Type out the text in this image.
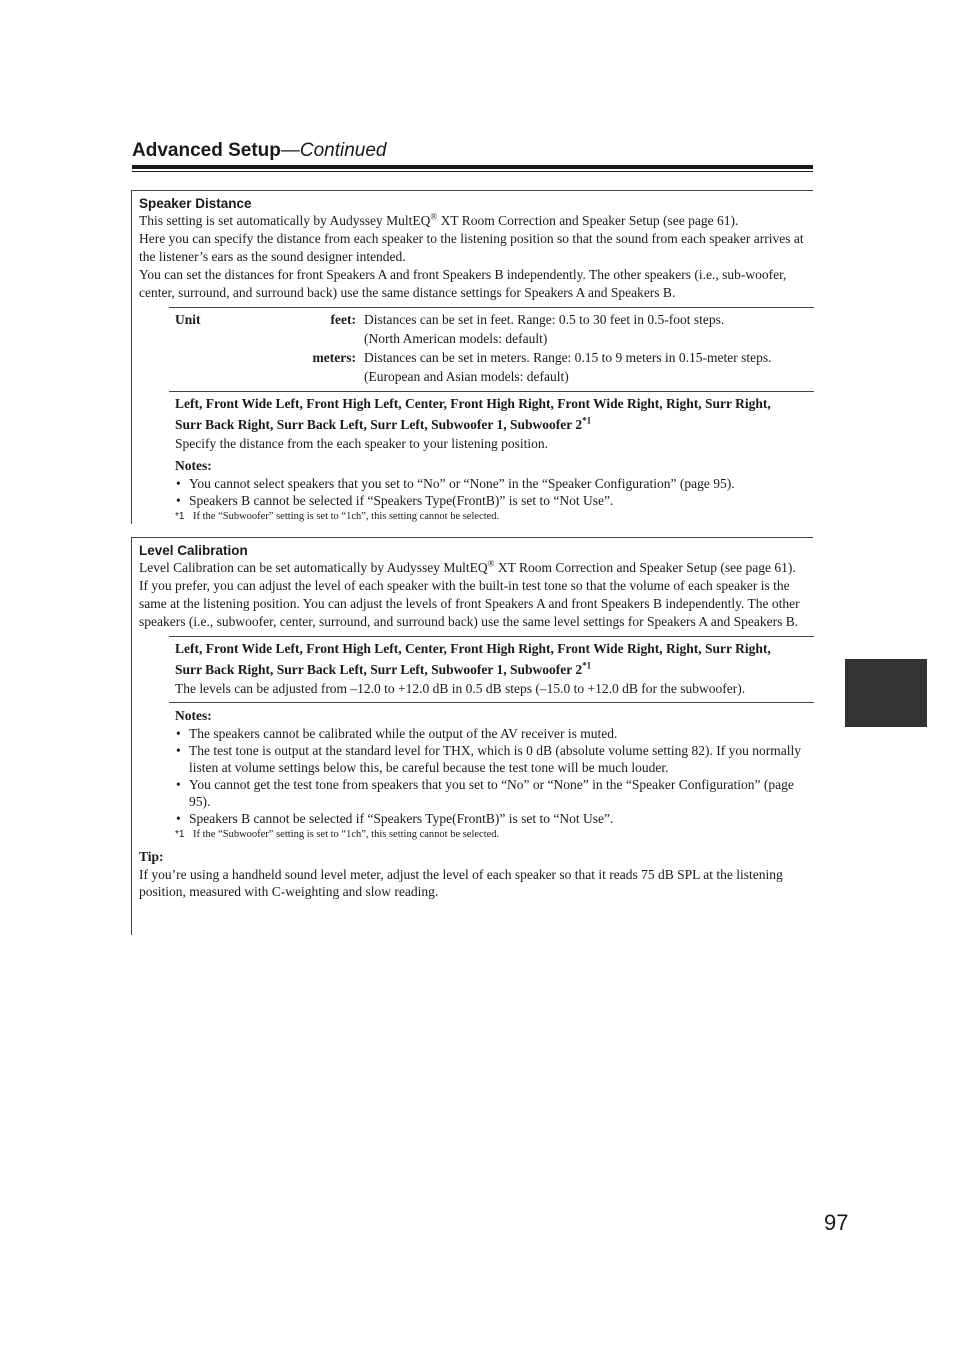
Advanced Setup—Continued
Speaker Distance
This setting is set automatically by Audyssey MultEQ® XT Room Correction and Speaker Setup (see page 61).
Here you can specify the distance from each speaker to the listening position so that the sound from each speaker arrives at the listener’s ears as the sound designer intended.
You can set the distances for front Speakers A and front Speakers B independently. The other speakers (i.e., sub-woofer, center, surround, and surround back) use the same distance settings for Speakers A and Speakers B.
Unit	feet: Distances can be set in feet. Range: 0.5 to 30 feet in 0.5-foot steps.
(North American models: default)
meters: Distances can be set in meters. Range: 0.15 to 9 meters in 0.15-meter steps.
(European and Asian models: default)
Left, Front Wide Left, Front High Left, Center, Front High Right, Front Wide Right, Right, Surr Right,
Surr Back Right, Surr Back Left, Surr Left, Subwoofer 1, Subwoofer 2$^{*1}$
Specify the distance from the each speaker to your listening position.
Notes:
• You cannot select speakers that you set to “No” or “None” in the “Speaker Configuration” (page 95).
• Speakers B cannot be selected if “Speakers Type(FrontB)” is set to “Not Use”.
*1 If the “Subwoofer” setting is set to “1ch”, this setting cannot be selected.
Level Calibration
Level Calibration can be set automatically by Audyssey MultEQ® XT Room Correction and Speaker Setup (see page 61).
If you prefer, you can adjust the level of each speaker with the built-in test tone so that the volume of each speaker is the same at the listening position. You can adjust the levels of front Speakers A and front Speakers B independently. The other speakers (i.e., subwoofer, center, surround, and surround back) use the same level settings for Speakers A and Speakers B.
Left, Front Wide Left, Front High Left, Center, Front High Right, Front Wide Right, Right, Surr Right,
Surr Back Right, Surr Back Left, Surr Left, Subwoofer 1, Subwoofer 2$^{*1}$
The levels can be adjusted from –12.0 to +12.0 dB in 0.5 dB steps (–15.0 to +12.0 dB for the subwoofer).
Notes:
• The speakers cannot be calibrated while the output of the AV receiver is muted.
• The test tone is output at the standard level for THX, which is 0 dB (absolute volume setting 82). If you normally listen at volume settings below this, be careful because the test tone will be much louder.
• You cannot get the test tone from speakers that you set to “No” or “None” in the “Speaker Configuration” (page 95).
• Speakers B cannot be selected if “Speakers Type(FrontB)” is set to “Not Use”.
*1 If the “Subwoofer” setting is set to “1ch”, this setting cannot be selected.
Tip:
If you’re using a handheld sound level meter, adjust the level of each speaker so that it reads 75 dB SPL at the listening position, measured with C-weighting and slow reading.
97
